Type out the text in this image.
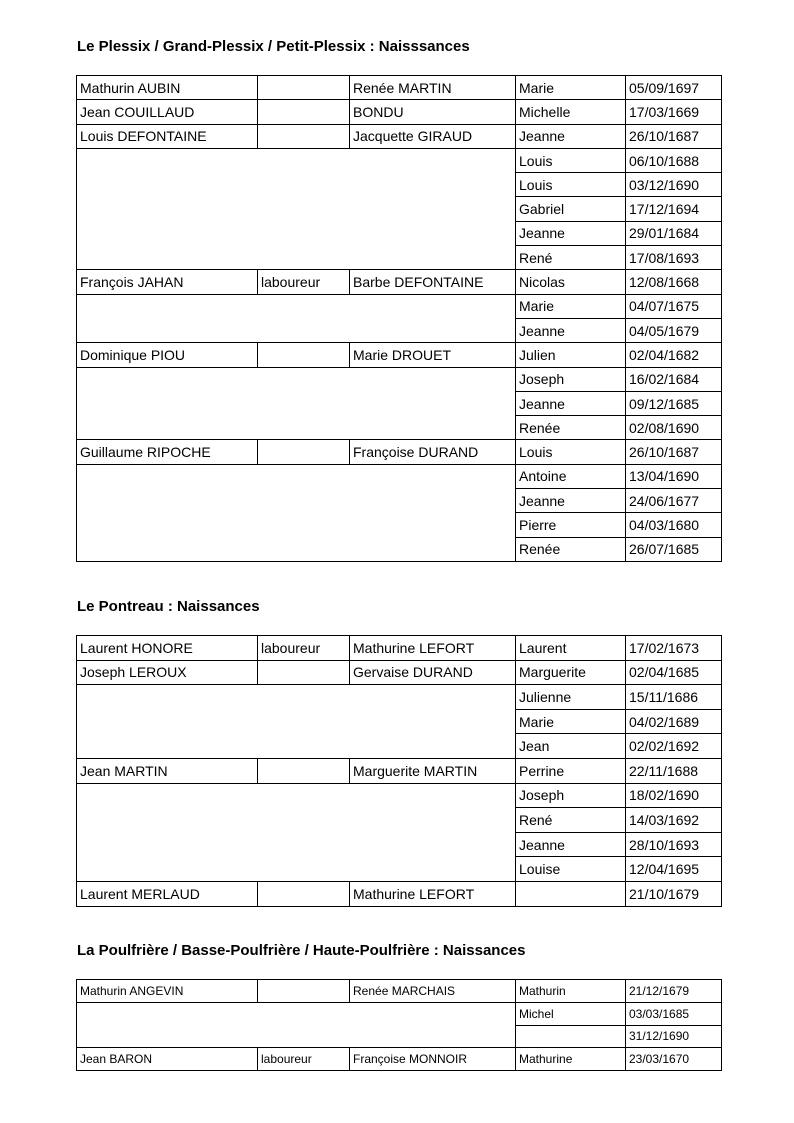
Le Plessix / Grand-Plessix / Petit-Plessix : Naisssances
Mathurin AUBIN		Renée MARTIN	Marie	05/09/1697
Jean COUILLAUD		BONDU	Michelle	17/03/1669
Louis DEFONTAINE		Jacquette GIRAUD	Jeanne	26/10/1687
			Louis	06/10/1688
			Louis	03/12/1690
			Gabriel	17/12/1694
			Jeanne	29/01/1684
			René	17/08/1693
François JAHAN	laboureur	Barbe DEFONTAINE	Nicolas	12/08/1668
			Marie	04/07/1675
			Jeanne	04/05/1679
Dominique PIOU		Marie DROUET	Julien	02/04/1682
			Joseph	16/02/1684
			Jeanne	09/12/1685
			Renée	02/08/1690
Guillaume RIPOCHE		Françoise DURAND	Louis	26/10/1687
			Antoine	13/04/1690
			Jeanne	24/06/1677
			Pierre	04/03/1680
			Renée	26/07/1685
Le Pontreau : Naissances
Laurent HONORE	laboureur	Mathurine LEFORT	Laurent	17/02/1673
Joseph LEROUX		Gervaise DURAND	Marguerite	02/04/1685
			Julienne	15/11/1686
			Marie	04/02/1689
			Jean	02/02/1692
Jean MARTIN		Marguerite MARTIN	Perrine	22/11/1688
			Joseph	18/02/1690
			René	14/03/1692
			Jeanne	28/10/1693
			Louise	12/04/1695
Laurent MERLAUD		Mathurine LEFORT		21/10/1679
La Poulfrière / Basse-Poulfrière / Haute-Poulfrière : Naissances
Mathurin ANGEVIN		Renée MARCHAIS	Mathurin	21/12/1679
			Michel	03/03/1685
				31/12/1690
Jean BARON	laboureur	Françoise MONNOIR	Mathurine	23/03/1670
